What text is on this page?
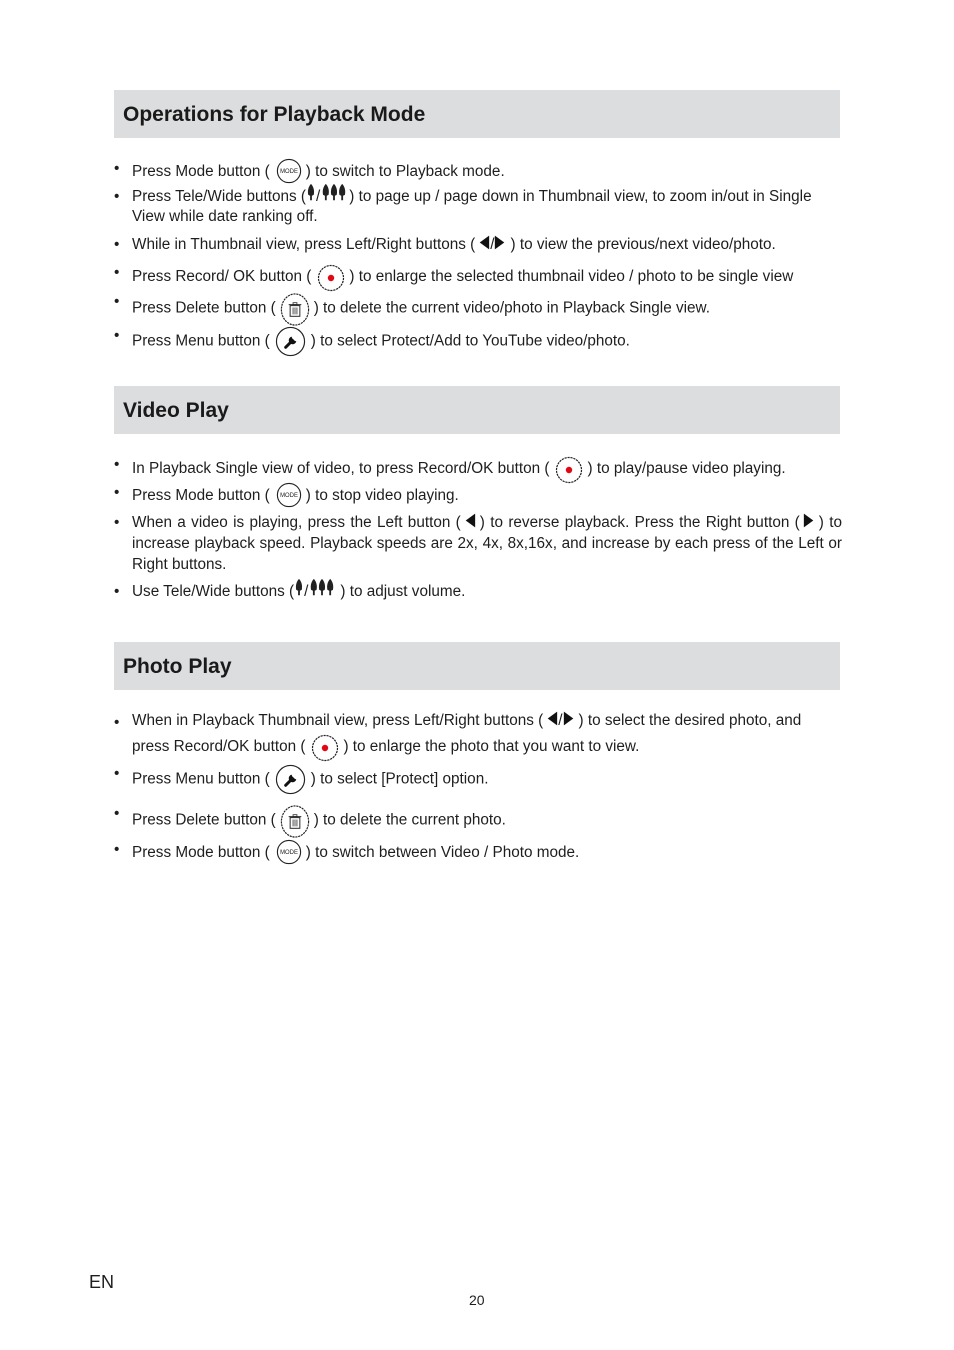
Operations for Playback Mode
• Press Mode button ( ) to switch to Playback mode.
• Press Tele/Wide buttons ( / ) to page up / page down in Thumbnail view, to zoom in/out in Single View while date ranking off.
• While in Thumbnail view, press Left/Right buttons ( / ) to view the previous/next video/photo.
• Press Record/ OK button ( ) to enlarge the selected thumbnail video / photo to be single view
• Press Delete button ( ) to delete the current video/photo in Playback Single view.
• Press Menu button (	) to select Protect/Add to YouTube video/photo.
Video Play
• In Playback Single view of video, to press Record/OK button ( ) to play/pause video playing.
• Press Mode button ( ) to stop video playing.
• When a video is playing, press the Left button ( ) to reverse playback. Press the Right button ( ) to increase playback speed. Playback speeds are 2x, 4x, 8x,16x, and increase by each press of the Left or Right buttons.
• Use Tele/Wide buttons ( / ) to adjust volume.
Photo Play
• When in Playback Thumbnail view, press Left/Right buttons ( / ) to select the desired photo, and press Record/OK button ( ) to enlarge the photo that you want to view.
• Press Menu button (	) to select [Protect] option.
• Press Delete button ( ) to delete the current photo.
• Press Mode button ( ) to switch between Video / Photo mode.
EN
20
